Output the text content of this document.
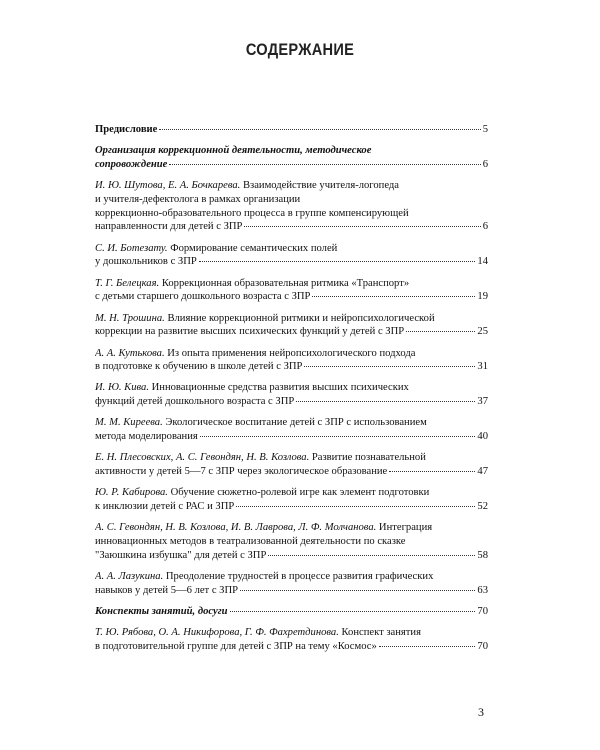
СОДЕРЖАНИЕ
Предисловие	5
Организация коррекционной деятельности, методическое
сопровождение	6
И. Ю. Шутова, Е. А. Бочкарева. Взаимодействие учителя-логопеда
и учителя-дефектолога в рамках организации
коррекционно-образовательного процесса в группе компенсирующей
направленности для детей с ЗПР	6
С. И. Ботезату. Формирование семантических полей
у дошкольников с ЗПР	14
Т. Г. Белецкая. Коррекционная образовательная ритмика «Транспорт»
с детьми старшего дошкольного возраста с ЗПР	19
М. Н. Трошина. Влияние коррекционной ритмики и нейропсихологической
коррекции на развитие высших психических функций у детей с ЗПР	25
А. А. Кутькова. Из опыта применения нейропсихологического подхода
в подготовке к обучению в школе детей с ЗПР	31
И. Ю. Кива. Инновационные средства развития высших психических
функций детей дошкольного возраста с ЗПР	37
М. М. Киреева. Экологическое воспитание детей с ЗПР с использованием
метода моделирования	40
Е. Н. Плесовских, А. С. Гевондян, Н. В. Козлова. Развитие познавательной
активности у детей 5—7 с ЗПР через экологическое образование	47
Ю. Р. Кабирова. Обучение сюжетно-ролевой игре как элемент подготовки
к инклюзии детей с РАС и ЗПР	52
А. С. Гевондян, Н. В. Козлова, И. В. Лаврова, Л. Ф. Молчанова. Интеграция
инновационных методов в театрализованной деятельности по сказке
"Заюшкина избушка" для детей с ЗПР	58
А. А. Лазукина. Преодоление трудностей в процессе развития графических
навыков у детей 5—6 лет с ЗПР	63
Конспекты занятий, досуги	70
Т. Ю. Рябова, О. А. Никифорова, Г. Ф. Фахретдинова. Конспект занятия
в подготовительной группе для детей с ЗПР на тему «Космос»	70
3
